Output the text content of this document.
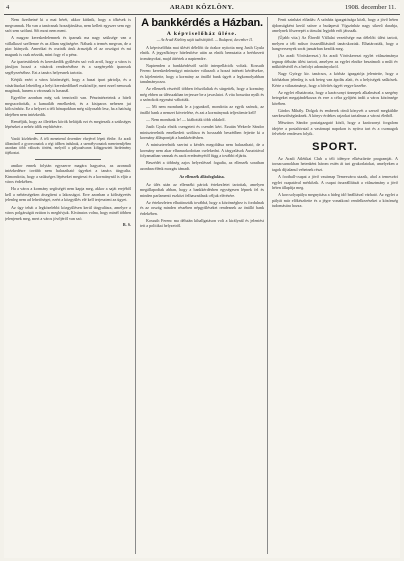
4	ARADI KÖZLÖNY.	1908. december 11.

Nem fizethetné ki a mai bérét, akkor kitűnik, hogy a tőkések is megvannak. Ha van a tanácsnak hozzájárulása, nem kellett egyszer sem egy szót sem szólani. Sőt most nem ment.

A magyar kereskedelemnek és iparnak ma nagy szüksége van a vállalkozó szellemre és az állam segítségére. Nálunk a termés megvan, de a piac hiányzik. Amerikai és osztrák áruk árasztják el az országot és mi magunk is csak nézzük, mint fogy el a pénz.

Az ipartestületek és kereskedők gyűlésén szó volt arról, hogy a város is járuljon hozzá a vásárok rendezéséhez és a szegényebb iparosok segélyezéséhez. Ezt a tanács helyesnek tartotta.

Kérjük ezért a város közönségét, hogy a hazai ipart pártolja, és a vásárlásokat lehetőleg a helyi kereskedőknél eszközölje, mert ezzel nemcsak magának, hanem a városnak is használ.

Egyelőre azonban még sok tennivaló van. Pénzintézeteink a hitelt megszorították, a kamatláb emelkedett, és a kisiparos nehezen jut kölcsönhöz. Ez a helyzet a téli hónapokban még súlyosabb lesz, ha a hatóság idejében nem intézkedik.

Reméljük, hogy az illetékes körök belátják ezt és megteszik a szükséges lépéseket a nehéz idők enyhítésére.

Vasúti közlekedés. A téli menetrend december elsejével lépett életbe. Az aradi állomásról a gyorsvonatok a régi időben indulnak, a személyvonatok menetrendjében azonban több változás történt, melyről a pályaudvaron kifüggesztett hirdetmény tájékoztat.

amikor ennek folytán egyszerre magára hagyatva, az azonnali intézkedésre tovább nem halasztható ügyeket a tanács tárgyalta. Kimondotta, hogy a szükséges lépéseket megteszi és a kormánynál is eljár a város érdekében.

Ha a város a kormány segítségét nem kapja meg, akkor a saját erejéből kell a nehézségeken átsegíteni a lakosságot. Erre azonban a költségvetés jelenleg nem ad lehetőséget, ezért a közgyűlés elé kell terjeszteni az ügyet.

Az ügy tehát a legközelebbi közgyűlésen kerül tárgyalásra, amelyre a város polgárságát ezúton is meghívjuk. Kívánatos volna, hogy minél többen jelenjenek meg, mert a város jövőjéről van szó.

B. S.
A bankkérdés a Házban.
A képviselőház ülése.

— Az Aradi Közlöny saját tudósítójától. — Budapest, december 11.

A képviselőház mai ülését délelőtt tíz órakor nyitotta meg Justh Gyula elnök. A jegyzőkönyv hitelesítése után az elnök bemutatta a beérkezett irományokat, majd áttértek a napirendre.

Napirenden a bankkérdésről szóló interpellációk voltak. Kossuth Ferenc kereskedelemügyi miniszter válaszolt a hozzá intézett kérdésekre, és kijelentette, hogy a kormány az önálló bank ügyét a legkomolyabban tanulmányozza.

Az ellenzék részéről többen felszólaltak és sürgették, hogy a kormány még ebben az ülésszakban terjessze be a javaslatot. A vita hosszúra nyúlt és a szónokok egymást váltották.

— Mi nem mondunk le a jogunkról, mondotta az egyik szónok, az önálló bank a nemzet követelése, és azt a kormánynak teljesítenie kell!

— Nem mondunk le! — kiáltották több oldalról.

Justh Gyula elnök csengetett és csendet kért. Ezután Wekerle Sándor miniszterelnök emelkedett szólásra és hosszabb beszédben fejtette ki a kormány álláspontját a bankkérdésben.

A miniszterelnök szerint a kérdés megoldása nem halasztható, de a kormány nem akar elhamarkodottan cselekedni. A tárgyalások Ausztriával folyamatban vannak és azok eredményétől függ a további eljárás.

Beszédét a többség zajos helyesléssel fogadta, az ellenzék soraiban azonban élénk mozgás támadt.

Az ellenzék állásfoglalása.

Az ülés után az ellenzéki pártok értekezletet tartottak, amelyen megállapodtak abban, hogy a bankkérdésben egységesen lépnek fel és minden parlamenti eszközt felhasználnak céljuk elérésére.

Az értekezleten elhatározták továbbá, hogy a közönséghez is fordulnak és az ország minden részében népgyűléseket rendeznek az önálló bank érdekében.

Kossuth Ferenc ma délután kihallgatáson volt a királynál és jelentést tett a politikai helyzetről.

Fenti szinházi előadás: A színház igazgatósága közli, hogy a jövő héten újdonságként kerül színre a budapesti Vígszínház nagy sikerű darabja, amelynek főszerepét a társulat legjobb erői játsszák.

(Újabb vita.) Az Ébredő Vállalat vezetősége ma délelőtt ülést tartott, melyen a téli műsor összeállításáról tanácskoztak. Elhatározták, hogy a hangversenyek sorát januárban kezdik meg.

(Az aradi Vöröskereszt.) Az aradi Vöröskereszt egylet választmánya tegnap délután ülést tartott, amelyen az egylet elnöke beszámolt a múlt év működéséről és a befolyt adományokról.

Nagy György kir. tanácsos, a kórház igazgatója jelentette, hogy a kórházban jelenleg is sok beteg van ápolás alatt, és a helyiségek szűkösek. Kérte a választmányt, hogy a bővítés ügyét vegye kezébe.

Az egylet elhatározta, hogy a karácsonyi ünnepek alkalmával a szegény betegeket megajándékozza és erre a célra gyűjtést indít a város közönsége körében.

Gárdos Mihály. Dolgok és emberek című könyvét a szerző megküldte szerkesztőségünknek. A könyv érdekes rajzokat tartalmaz a városi életből.

Mészáros Sándor postaigazgató közli, hogy a karácsonyi forgalom idejére a postahivatal a vasárnapi napokon is nyitva tart és a csomagok felvétele rendesen folyik.

SPORT.

Az Aradi Atlétikai Club a téli idényre elkészítette programját. A tornacsarnokban hetenként három estén át tart gyakorlatokat, amelyeken a tagok díjtalanul vehetnek részt.

A football-csapat a jövő vasárnap Temesvárra utazik, ahol a temesvári egylet csapatával mérkőzik. A csapat összeállítását a választmány a jövő héten állapítja meg.

A korcsolyapálya megnyitása a hideg idő beálltával várható. Az egylet a pályát már előkészítette és a jégre vonatkozó rendelkezéseket a közönség tudomására hozza.
